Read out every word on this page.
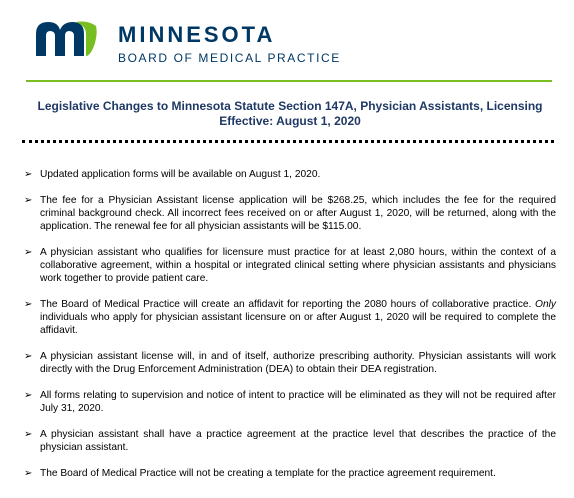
MINNESOTA
BOARD OF MEDICAL PRACTICE
Legislative Changes to Minnesota Statute Section 147A, Physician Assistants, Licensing
Effective: August 1, 2020
➢ Updated application forms will be available on August 1, 2020.
➢ The fee for a Physician Assistant license application will be $268.25, which includes the fee for the required criminal background check. All incorrect fees received on or after August 1, 2020, will be returned, along with the application. The renewal fee for all physician assistants will be $115.00.
➢ A physician assistant who qualifies for licensure must practice for at least 2,080 hours, within the context of a collaborative agreement, within a hospital or integrated clinical setting where physician assistants and physicians work together to provide patient care.
➢ The Board of Medical Practice will create an affidavit for reporting the 2080 hours of collaborative practice. Only individuals who apply for physician assistant licensure on or after August 1, 2020 will be required to complete the affidavit.
➢ A physician assistant license will, in and of itself, authorize prescribing authority. Physician assistants will work directly with the Drug Enforcement Administration (DEA) to obtain their DEA registration.
➢ All forms relating to supervision and notice of intent to practice will be eliminated as they will not be required after July 31, 2020.
➢ A physician assistant shall have a practice agreement at the practice level that describes the practice of the physician assistant.
➢ The Board of Medical Practice will not be creating a template for the practice agreement requirement.
